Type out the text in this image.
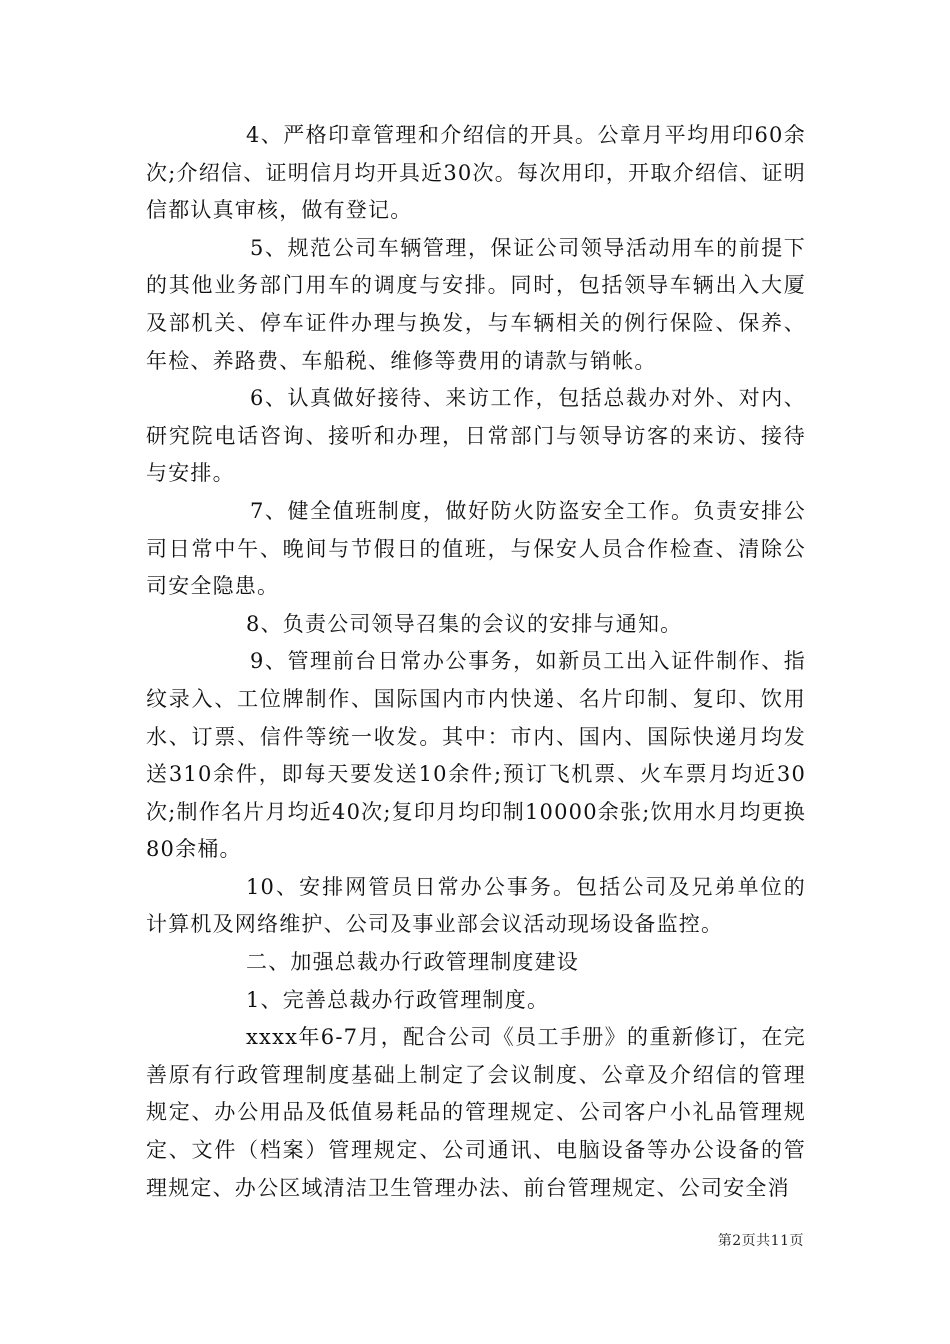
4、严格印章管理和介绍信的开具。公章月平均用印60余次;介绍信、证明信月均开具近30次。每次用印，开取介绍信、证明信都认真审核，做有登记。

5、规范公司车辆管理，保证公司领导活动用车的前提下的其他业务部门用车的调度与安排。同时，包括领导车辆出入大厦及部机关、停车证件办理与换发，与车辆相关的例行保险、保养、年检、养路费、车船税、维修等费用的请款与销帐。

6、认真做好接待、来访工作，包括总裁办对外、对内、研究院电话咨询、接听和办理，日常部门与领导访客的来访、接待与安排。

7、健全值班制度，做好防火防盗安全工作。负责安排公司日常中午、晚间与节假日的值班，与保安人员合作检查、清除公司安全隐患。

8、负责公司领导召集的会议的安排与通知。

9、管理前台日常办公事务，如新员工出入证件制作、指纹录入、工位牌制作、国际国内市内快递、名片印制、复印、饮用水、订票、信件等统一收发。其中：市内、国内、国际快递月均发送310余件，即每天要发送10余件;预订飞机票、火车票月均近30次;制作名片月均近40次;复印月均印制10000余张;饮用水月均更换80余桶。

10、安排网管员日常办公事务。包括公司及兄弟单位的计算机及网络维护、公司及事业部会议活动现场设备监控。

二、加强总裁办行政管理制度建设

1、完善总裁办行政管理制度。

xxxx年6-7月，配合公司《员工手册》的重新修订，在完善原有行政管理制度基础上制定了会议制度、公章及介绍信的管理规定、办公用品及低值易耗品的管理规定、公司客户小礼品管理规定、文件（档案）管理规定、公司通讯、电脑设备等办公设备的管理规定、办公区域清洁卫生管理办法、前台管理规定、公司安全消

第2页共11页
